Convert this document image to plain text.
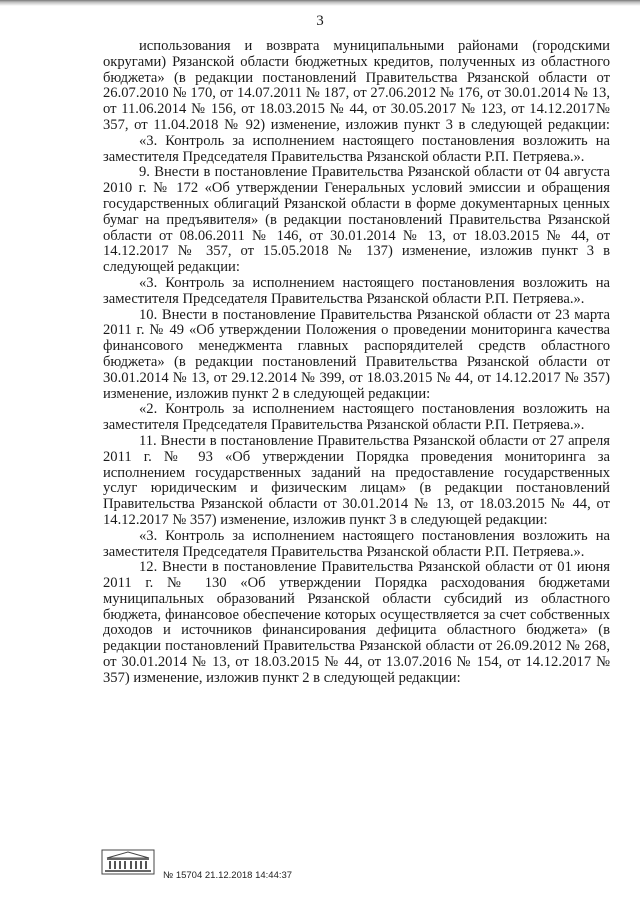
3

использования и возврата муниципальными районами (городскими округами) Рязанской области бюджетных кредитов, полученных из областного бюджета» (в редакции постановлений Правительства Рязанской области от 26.07.2010 № 170, от 14.07.2011 № 187, от 27.06.2012 № 176, от 30.01.2014 № 13, от 11.06.2014 № 156, от 18.03.2015 № 44, от 30.05.2017 № 123, от 14.12.2017№ 357, от 11.04.2018 № 92) изменение, изложив пункт 3 в следующей редакции:

«3. Контроль за исполнением настоящего постановления возложить на заместителя Председателя Правительства Рязанской области Р.П. Петряева.».

9. Внести в постановление Правительства Рязанской области от 04 августа 2010 г. № 172 «Об утверждении Генеральных условий эмиссии и обращения государственных облигаций Рязанской области в форме документарных ценных бумаг на предъявителя» (в редакции постановлений Правительства Рязанской области от 08.06.2011 № 146, от 30.01.2014 № 13, от 18.03.2015 № 44, от 14.12.2017 № 357, от 15.05.2018 № 137) изменение, изложив пункт 3 в следующей редакции:

«3. Контроль за исполнением настоящего постановления возложить на заместителя Председателя Правительства Рязанской области Р.П. Петряева.».

10. Внести в постановление Правительства Рязанской области от 23 марта 2011 г. № 49 «Об утверждении Положения о проведении мониторинга качества финансового менеджмента главных распорядителей средств областного бюджета» (в редакции постановлений Правительства Рязанской области от 30.01.2014 № 13, от 29.12.2014 № 399, от 18.03.2015 № 44, от 14.12.2017 № 357) изменение, изложив пункт 2 в следующей редакции:

«2. Контроль за исполнением настоящего постановления возложить на заместителя Председателя Правительства Рязанской области Р.П. Петряева.».

11. Внести в постановление Правительства Рязанской области от 27 апреля 2011 г. № 93 «Об утверждении Порядка проведения мониторинга за исполнением государственных заданий на предоставление государственных услуг юридическим и физическим лицам» (в редакции постановлений Правительства Рязанской области от 30.01.2014 № 13, от 18.03.2015 № 44, от 14.12.2017 № 357) изменение, изложив пункт 3 в следующей редакции:

«3. Контроль за исполнением настоящего постановления возложить на заместителя Председателя Правительства Рязанской области Р.П. Петряева.».

12. Внести в постановление Правительства Рязанской области от 01 июня 2011 г. № 130 «Об утверждении Порядка расходования бюджетами муниципальных образований Рязанской области субсидий из областного бюджета, финансовое обеспечение которых осуществляется за счет собственных доходов и источников финансирования дефицита областного бюджета» (в редакции постановлений Правительства Рязанской области от 26.09.2012 № 268, от 30.01.2014 № 13, от 18.03.2015 № 44, от 13.07.2016 № 154, от 14.12.2017 № 357) изменение, изложив пункт 2 в следующей редакции:

№ 15704 21.12.2018 14:44:37
